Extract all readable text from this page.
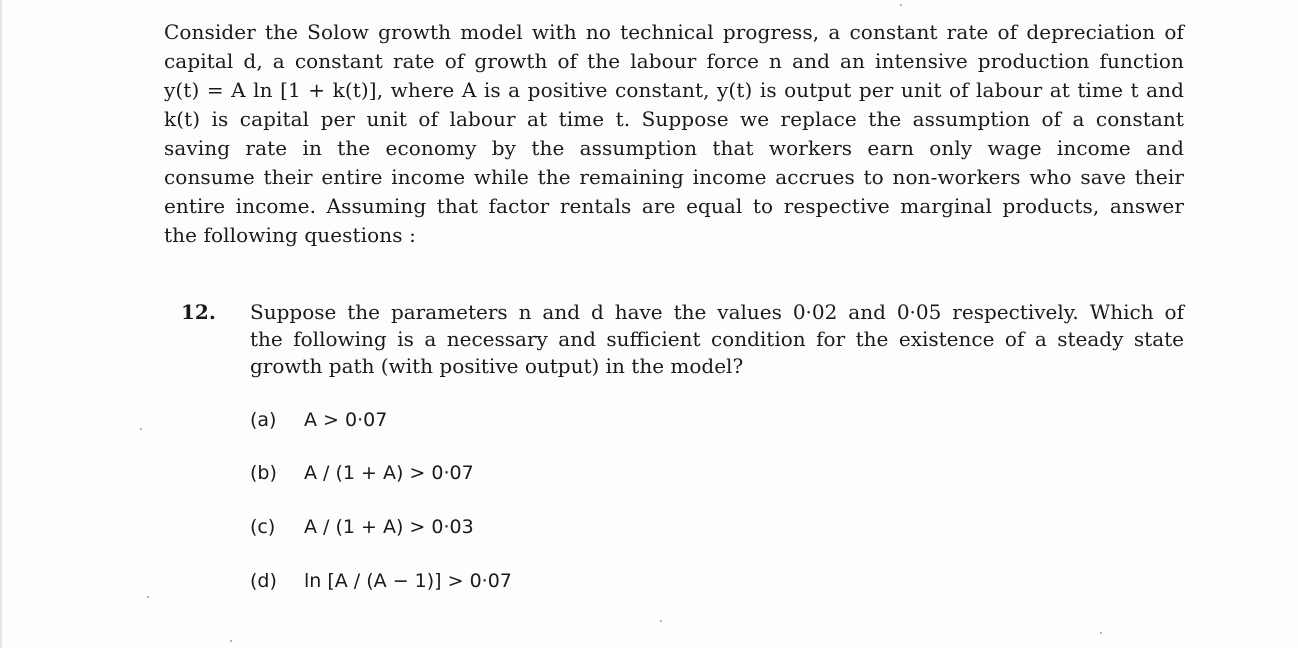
Consider the Solow growth model with no technical progress, a constant rate of depreciation of
capital d, a constant rate of growth of the labour force n and an intensive production function
y(t) = A ln [1 + k(t)], where A is a positive constant, y(t) is output per unit of labour at time t and
k(t) is capital per unit of labour at time t. Suppose we replace the assumption of a constant
saving rate in the economy by the assumption that workers earn only wage income and
consume their entire income while the remaining income accrues to non-workers who save their
entire income. Assuming that factor rentals are equal to respective marginal products, answer
the following questions :
12. Suppose the parameters n and d have the values 0·02 and 0·05 respectively. Which of
the following is a necessary and sufficient condition for the existence of a steady state
growth path (with positive output) in the model?
(a) A > 0·07
(b) A / (1 + A) > 0·07
(c) A / (1 + A) > 0·03
(d) ln [A / (A − 1)] > 0·07
